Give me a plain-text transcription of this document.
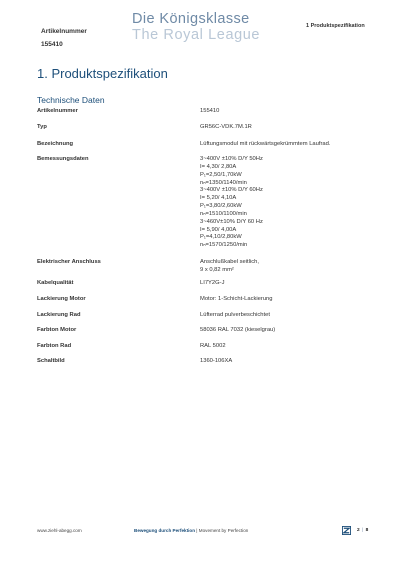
Artikelnummer
155410
Die Königsklasse
The Royal League
1 Produktspezifikation
1. Produktspezifikation
Technische Daten
Artikelnummer	155410
Typ	GR56C-VDK.7M.1R
Bezeichnung	Lüftungsmodul mit rückwärtsgekrümmtem Laufrad.
Bemessungsdaten	3~400V ±10% D/Y 50Hz
I= 4,30/ 2,80A
P₁=2,50/1,70kW
nₙ=1350/1140/min
3~400V ±10% D/Y 60Hz
I= 5,20/ 4,10A
P₁=3,80/2,60kW
nₙ=1510/1100/min
3~460V±10% D/Y 60 Hz
I= 5,90/ 4,00A
P₁=4,10/2,80kW
nₙ=1570/1250/min
Elektrischer Anschluss	Anschlußkabel seitlich,
9 x 0,82 mm²
Kabelqualität	LI7Y2G-J
Lackierung Motor	Motor: 1-Schicht-Lackierung
Lackierung Rad	Lüfterrad pulverbeschichtet
Farbton Motor	58036 RAL 7032 (kieselgrau)
Farbton Rad	RAL 5002
Schaltbild	1360-106XA
www.ziehl-abegg.com	Bewegung durch Perfektion | Movement by Perfection	2 | 8
